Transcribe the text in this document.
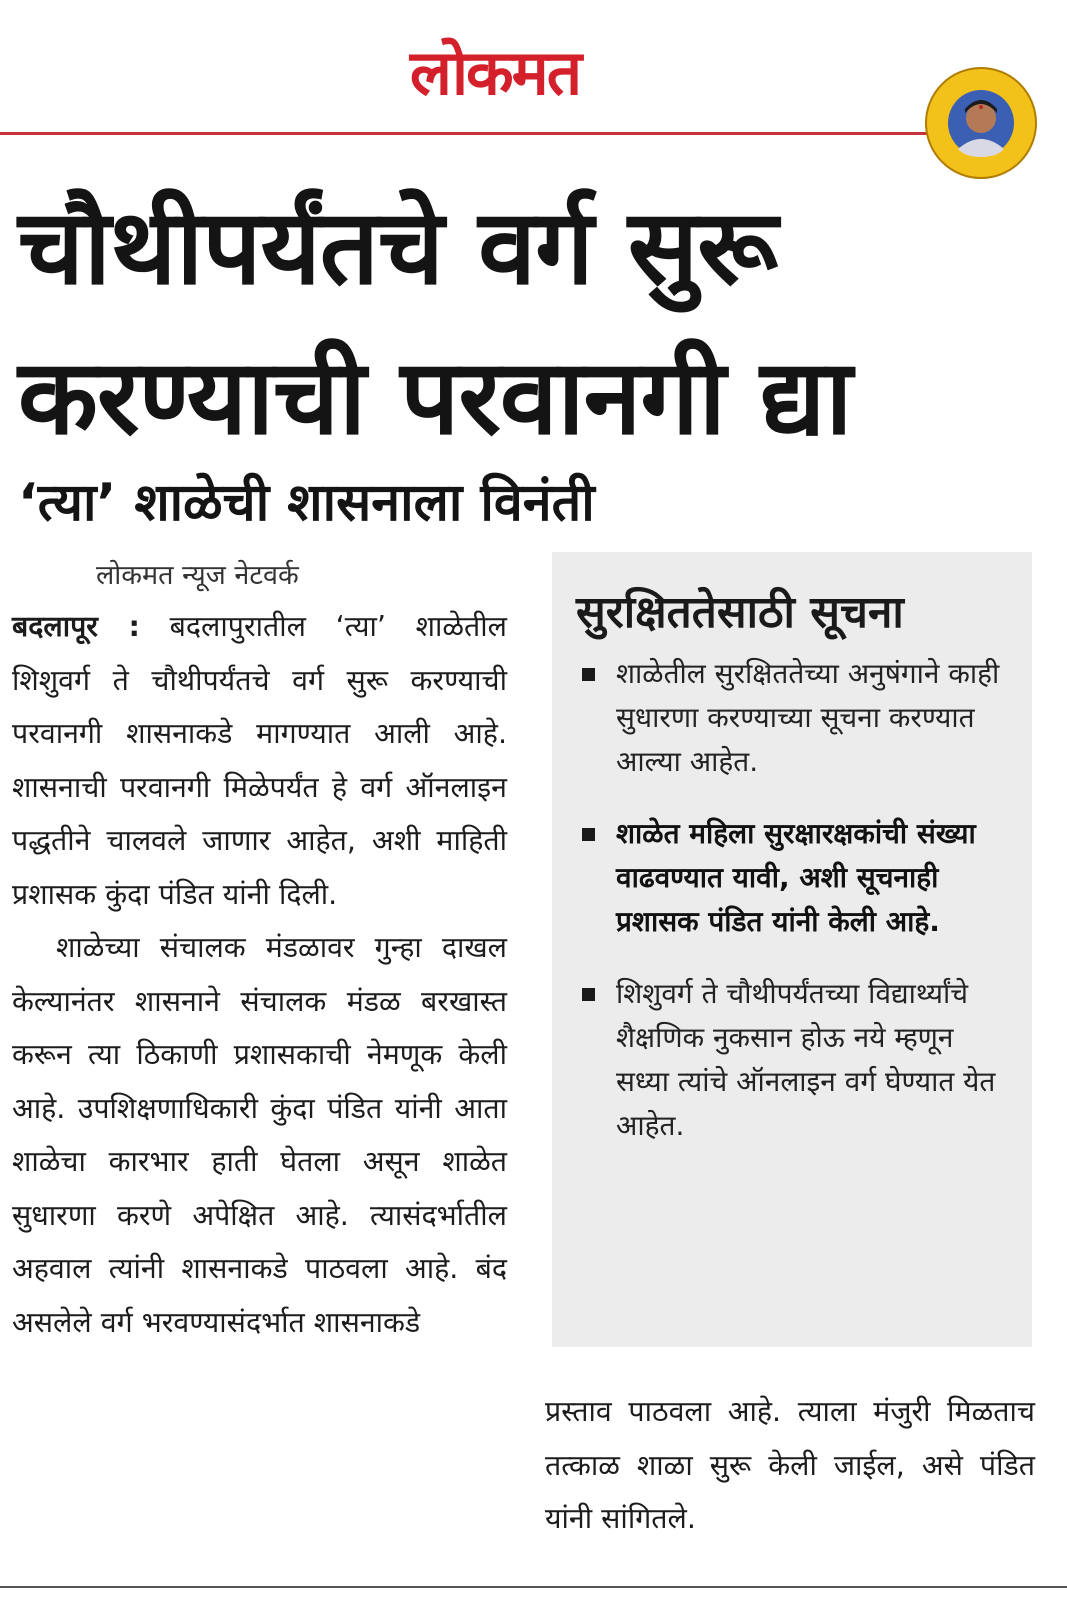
लोकमत
चौथीपर्यंतचे वर्ग सुरू
करण्याची परवानगी द्या
‘त्या’ शाळेची शासनाला विनंती
लोकमत न्यूज नेटवर्क

बदलापूर : बदलापुरातील ‘त्या’ शाळेतील शिशुवर्ग ते चौथीपर्यंतचे वर्ग सुरू करण्याची परवानगी शासनाकडे मागण्यात आली आहे. शासनाची परवानगी मिळेपर्यंत हे वर्ग ऑनलाइन पद्धतीने चालवले जाणार आहेत, अशी माहिती प्रशासक कुंदा पंडित यांनी दिली.

शाळेच्या संचालक मंडळावर गुन्हा दाखल केल्यानंतर शासनाने संचालक मंडळ बरखास्त करून त्या ठिकाणी प्रशासकाची नेमणूक केली आहे. उपशिक्षणाधिकारी कुंदा पंडित यांनी आता शाळेचा कारभार हाती घेतला असून शाळेत सुधारणा करणे अपेक्षित आहे. त्यासंदर्भातील अहवाल त्यांनी शासनाकडे पाठवला आहे. बंद असलेले वर्ग भरवण्यासंदर्भात शासनाकडे

सुरक्षिततेसाठी सूचना
शाळेतील सुरक्षिततेच्या अनुषंगाने काही सुधारणा करण्याच्या सूचना करण्यात आल्या आहेत.
शाळेत महिला सुरक्षारक्षकांची संख्या वाढवण्यात यावी, अशी सूचनाही प्रशासक पंडित यांनी केली आहे.
शिशुवर्ग ते चौथीपर्यंतच्या विद्यार्थ्यांचे शैक्षणिक नुकसान होऊ नये म्हणून सध्या त्यांचे ऑनलाइन वर्ग घेण्यात येत आहेत.

प्रस्ताव पाठवला आहे. त्याला मंजुरी मिळताच तत्काळ शाळा सुरू केली जाईल, असे पंडित यांनी सांगितले.
